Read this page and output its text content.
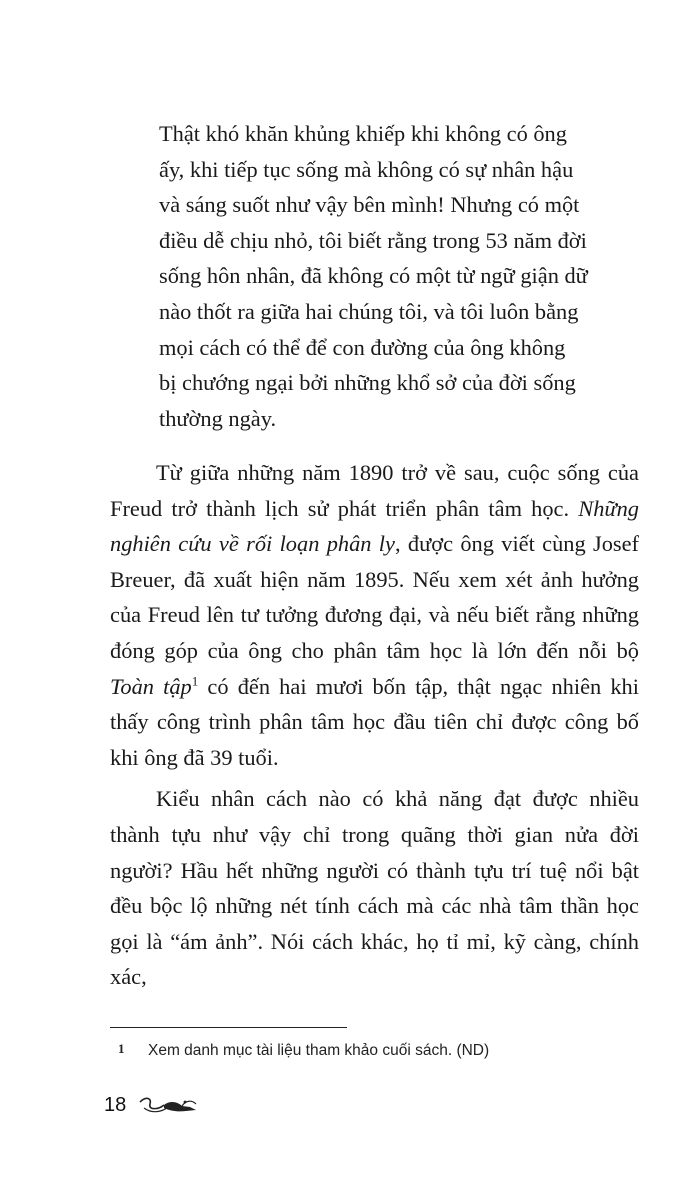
Thật khó khăn khủng khiếp khi không có ông

ấy, khi tiếp tục sống mà không có sự nhân hậu

và sáng suốt như vậy bên mình! Nhưng có một

điều dễ chịu nhỏ, tôi biết rằng trong 53 năm đời

sống hôn nhân, đã không có một từ ngữ giận dữ

nào thốt ra giữa hai chúng tôi, và tôi luôn bằng

mọi cách có thể để con đường của ông không

bị chướng ngại bởi những khổ sở của đời sống

thường ngày.

Từ giữa những năm 1890 trở về sau, cuộc sống của Freud trở thành lịch sử phát triển phân tâm học. Những nghiên cứu về rối loạn phân ly, được ông viết cùng Josef Breuer, đã xuất hiện năm 1895. Nếu xem xét ảnh hưởng của Freud lên tư tưởng đương đại, và nếu biết rằng những đóng góp của ông cho phân tâm học là lớn đến nỗi bộ Toàn tập$^1$ có đến hai mươi bốn tập, thật ngạc nhiên khi thấy công trình phân tâm học đầu tiên chỉ được công bố khi ông đã 39 tuổi.

Kiểu nhân cách nào có khả năng đạt được nhiều thành tựu như vậy chỉ trong quãng thời gian nửa đời người? Hầu hết những người có thành tựu trí tuệ nổi bật đều bộc lộ những nét tính cách mà các nhà tâm thần học gọi là “ám ảnh”. Nói cách khác, họ tỉ mỉ, kỹ càng, chính xác,

1 Xem danh mục tài liệu tham khảo cuối sách. (ND)
18
